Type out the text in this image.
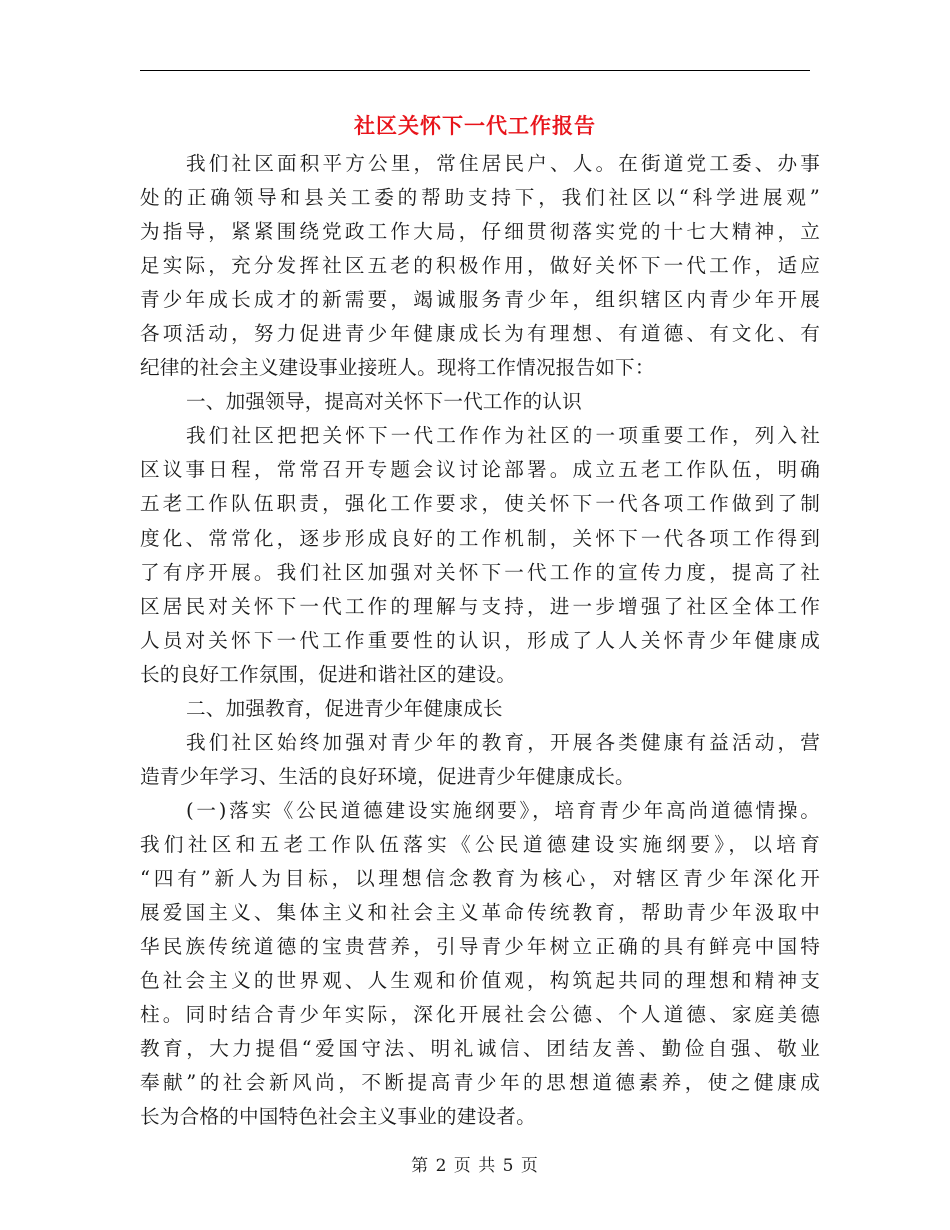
社区关怀下一代工作报告
我们社区面积平方公里，常住居民户、人。在街道党工委、办事
处的正确领导和县关工委的帮助支持下，我们社区以“科学进展观”
为指导，紧紧围绕党政工作大局，仔细贯彻落实党的十七大精神，立
足实际，充分发挥社区五老的积极作用，做好关怀下一代工作，适应
青少年成长成才的新需要，竭诚服务青少年，组织辖区内青少年开展
各项活动，努力促进青少年健康成长为有理想、有道德、有文化、有
纪律的社会主义建设事业接班人。现将工作情况报告如下：
一、加强领导，提高对关怀下一代工作的认识
我们社区把把关怀下一代工作作为社区的一项重要工作，列入社
区议事日程，常常召开专题会议讨论部署。成立五老工作队伍，明确
五老工作队伍职责，强化工作要求，使关怀下一代各项工作做到了制
度化、常常化，逐步形成良好的工作机制，关怀下一代各项工作得到
了有序开展。我们社区加强对关怀下一代工作的宣传力度，提高了社
区居民对关怀下一代工作的理解与支持，进一步增强了社区全体工作
人员对关怀下一代工作重要性的认识，形成了人人关怀青少年健康成
长的良好工作氛围，促进和谐社区的建设。
二、加强教育，促进青少年健康成长
我们社区始终加强对青少年的教育，开展各类健康有益活动，营
造青少年学习、生活的良好环境，促进青少年健康成长。
(一)落实《公民道德建设实施纲要》，培育青少年高尚道德情操。
我们社区和五老工作队伍落实《公民道德建设实施纲要》，以培育
“四有”新人为目标，以理想信念教育为核心，对辖区青少年深化开
展爱国主义、集体主义和社会主义革命传统教育，帮助青少年汲取中
华民族传统道德的宝贵营养，引导青少年树立正确的具有鲜亮中国特
色社会主义的世界观、人生观和价值观，构筑起共同的理想和精神支
柱。同时结合青少年实际，深化开展社会公德、个人道德、家庭美德
教育，大力提倡“爱国守法、明礼诚信、团结友善、勤俭自强、敬业
奉献”的社会新风尚，不断提高青少年的思想道德素养，使之健康成
长为合格的中国特色社会主义事业的建设者。
第 2 页 共 5 页
